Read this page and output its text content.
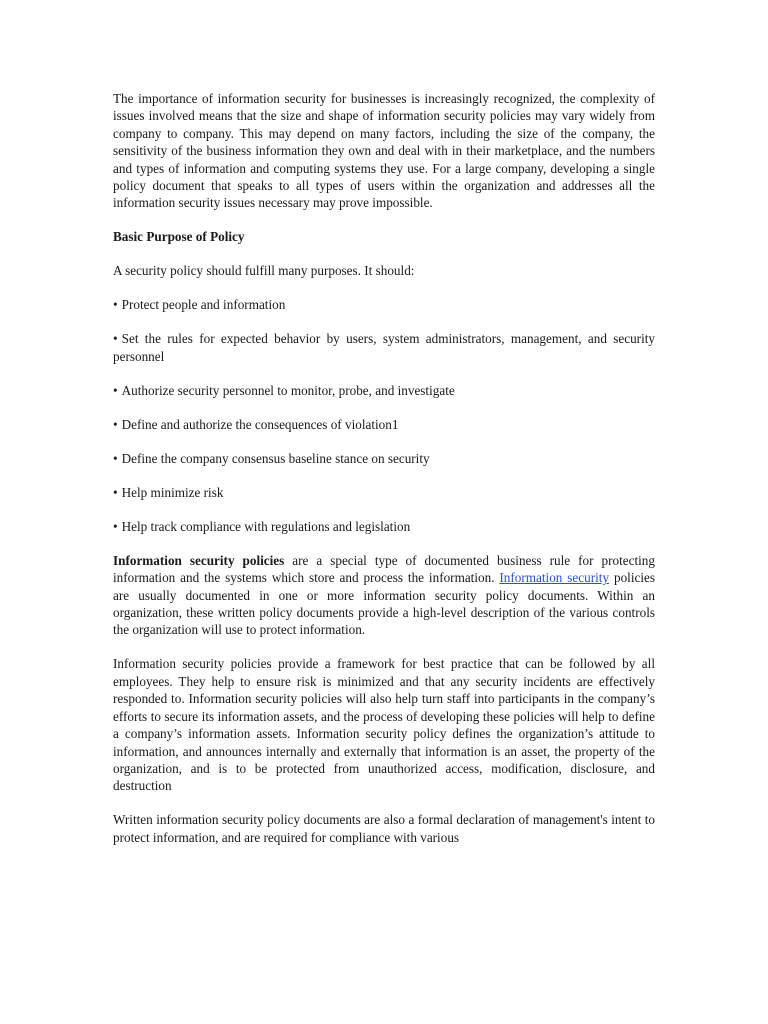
The importance of information security for businesses is increasingly recognized, the complexity of issues involved means that the size and shape of information security policies may vary widely from company to company. This may depend on many factors, including the size of the company, the sensitivity of the business information they own and deal with in their marketplace, and the numbers and types of information and computing systems they use. For a large company, developing a single policy document that speaks to all types of users within the organization and addresses all the information security issues necessary may prove impossible.

Basic Purpose of Policy

A security policy should fulfill many purposes. It should:

• Protect people and information

• Set the rules for expected behavior by users, system administrators, management, and security personnel

• Authorize security personnel to monitor, probe, and investigate

• Define and authorize the consequences of violation1

• Define the company consensus baseline stance on security

• Help minimize risk

• Help track compliance with regulations and legislation

Information security policies are a special type of documented business rule for protecting information and the systems which store and process the information. Information security policies are usually documented in one or more information security policy documents. Within an organization, these written policy documents provide a high-level description of the various controls the organization will use to protect information.

Information security policies provide a framework for best practice that can be followed by all employees. They help to ensure risk is minimized and that any security incidents are effectively responded to. Information security policies will also help turn staff into participants in the company’s efforts to secure its information assets, and the process of developing these policies will help to define a company’s information assets. Information security policy defines the organization’s attitude to information, and announces internally and externally that information is an asset, the property of the organization, and is to be protected from unauthorized access, modification, disclosure, and destruction

Written information security policy documents are also a formal declaration of management's intent to protect information, and are required for compliance with various
